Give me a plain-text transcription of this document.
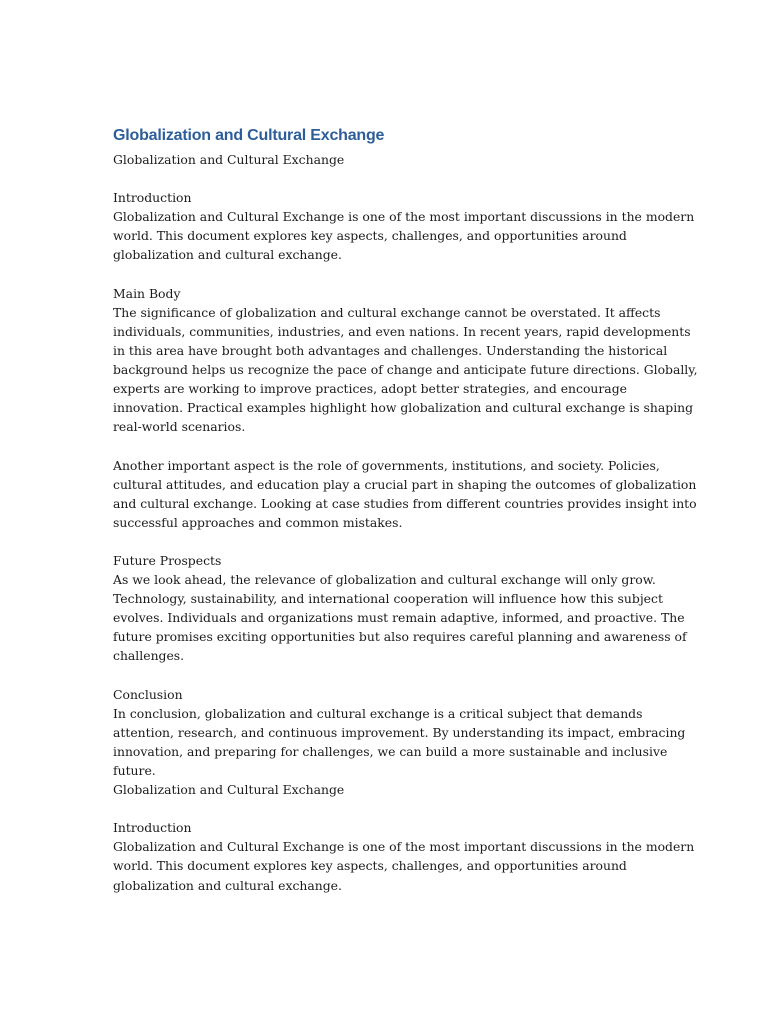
Globalization and Cultural Exchange
Globalization and Cultural Exchange
Introduction
Globalization and Cultural Exchange is one of the most important discussions in the modern
world. This document explores key aspects, challenges, and opportunities around
globalization and cultural exchange.
Main Body
The significance of globalization and cultural exchange cannot be overstated. It affects
individuals, communities, industries, and even nations. In recent years, rapid developments
in this area have brought both advantages and challenges. Understanding the historical
background helps us recognize the pace of change and anticipate future directions. Globally,
experts are working to improve practices, adopt better strategies, and encourage
innovation. Practical examples highlight how globalization and cultural exchange is shaping
real-world scenarios.
Another important aspect is the role of governments, institutions, and society. Policies,
cultural attitudes, and education play a crucial part in shaping the outcomes of globalization
and cultural exchange. Looking at case studies from different countries provides insight into
successful approaches and common mistakes.
Future Prospects
As we look ahead, the relevance of globalization and cultural exchange will only grow.
Technology, sustainability, and international cooperation will influence how this subject
evolves. Individuals and organizations must remain adaptive, informed, and proactive. The
future promises exciting opportunities but also requires careful planning and awareness of
challenges.
Conclusion
In conclusion, globalization and cultural exchange is a critical subject that demands
attention, research, and continuous improvement. By understanding its impact, embracing
innovation, and preparing for challenges, we can build a more sustainable and inclusive
future.
Globalization and Cultural Exchange
Introduction
Globalization and Cultural Exchange is one of the most important discussions in the modern
world. This document explores key aspects, challenges, and opportunities around
globalization and cultural exchange.
